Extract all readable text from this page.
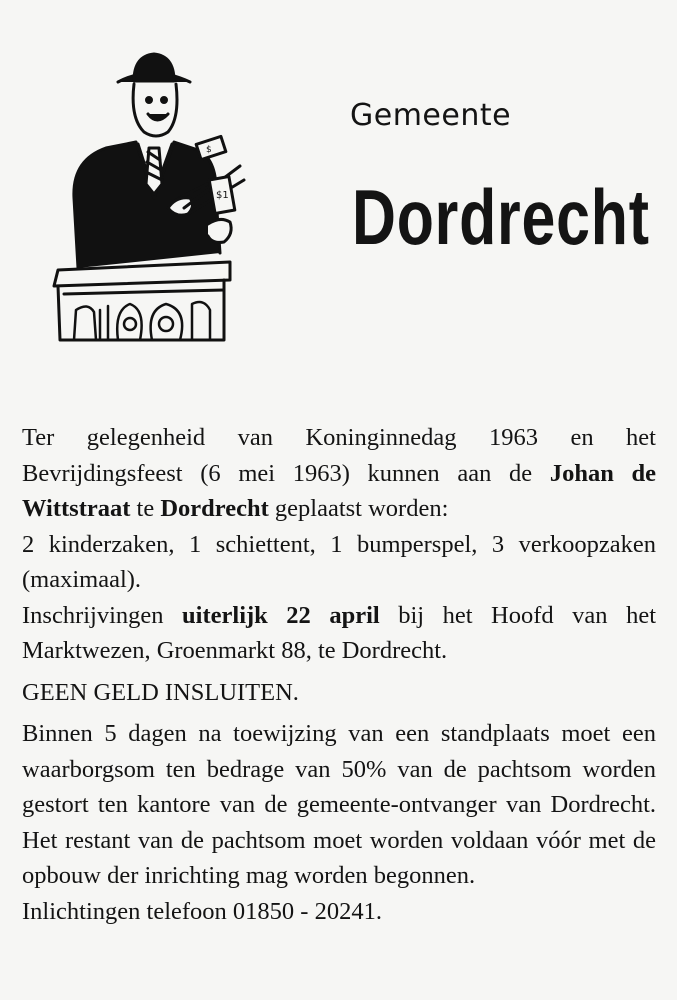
$
$1
Gemeente
Dordrecht

Ter gelegenheid van Koninginnedag 1963 en het Bevrijdingsfeest (6 mei 1963) kunnen aan de Johan de Wittstraat te Dordrecht geplaatst worden:

2 kinderzaken, 1 schiettent, 1 bumperspel, 3 verkoopzaken (maximaal).

Inschrijvingen uiterlijk 22 april bij het Hoofd van het Marktwezen, Groenmarkt 88, te Dordrecht.

GEEN GELD INSLUITEN.

Binnen 5 dagen na toewijzing van een standplaats moet een waarborgsom ten bedrage van 50% van de pachtsom worden gestort ten kantore van de gemeente-ontvanger van Dordrecht. Het restant van de pachtsom moet worden voldaan vóór met de opbouw der inrichting mag worden begonnen.

Inlichtingen telefoon 01850 - 20241.
